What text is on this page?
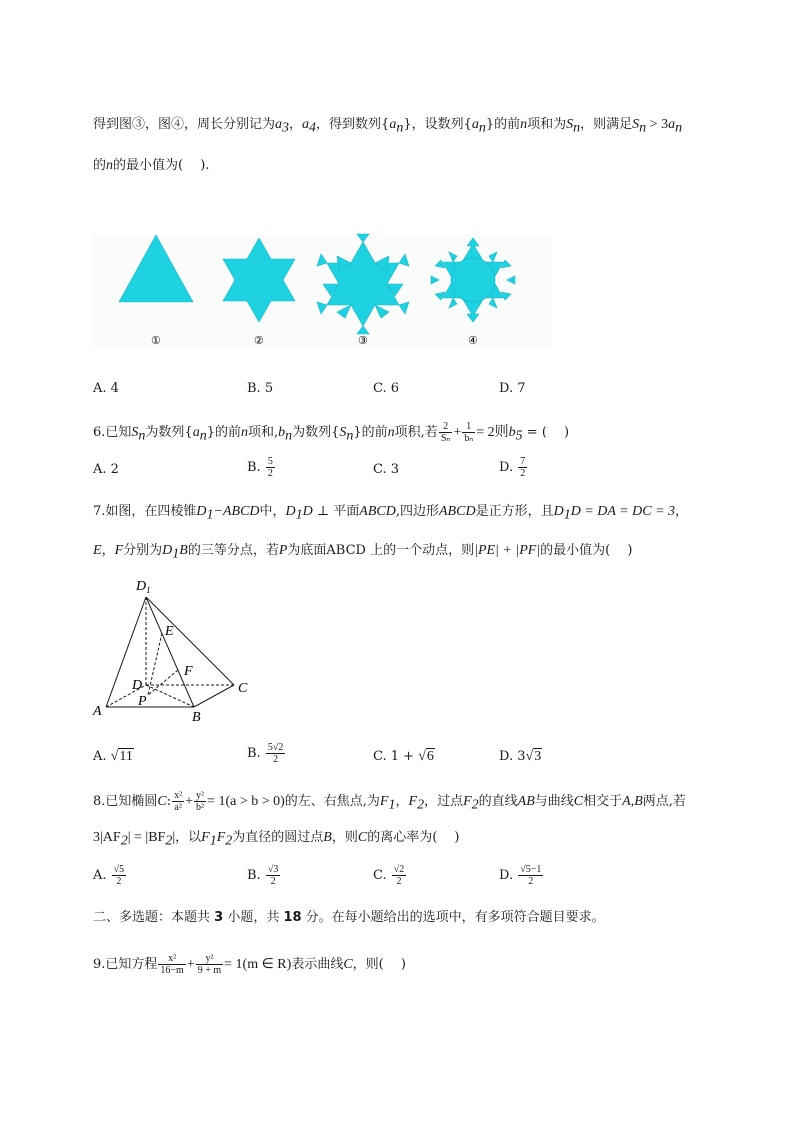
得到图③，图④，周长分别记为$a_3$，$a_4$，得到数列$\{a_n\}$，设数列$\{a_n\}$的前n项和为$S_n$，则满足$S_n > 3a_n$
的n的最小值为(　 ).
①	②	③	④
A. 4	B. 5	C. 6	D. 7
6.已知$S_n$为数列$\{a_n\}$的前n项和$,b_n$为数列$\{S_n\}$的前n项积,若 $\frac{2}{\text{Sₙ}} + \frac{1}{\text{bₙ}} = 2$则$b_5$ = (　 )
A. 2	B. $\frac{5}{2}$	C. 3	D. $\frac{7}{2}$
7.如图，在四棱锥$D_1-ABCD$中，$D_1D$ ⊥ 平面ABCD,四边形ABCD是正方形，且$D_1D$ = DA = DC = 3，
E，F分别为$D_1B$的三等分点，若P为底面ABCD 上的一个动点，则|PE| + |PF|的最小值为(　 )
$D_1$
E
F
D
P
C
A	B
A. √11	B. $\frac{5√2}{2}$	C. 1 + √6	D. 3√3
8.已知椭圆C: $\frac{\text{x²}}{\text{a²}} + \frac{\text{y²}}{\text{b²}} = 1(a > b > 0)$的左、右焦点,为$F_1$，$F_2$，过点$F_2$的直线AB与曲线C相交于A,B两点,若
$3|AF_2| = |BF_2|$，以$F_1F_2$为直径的圆过点B，则C的离心率为(　 )
A. $\frac{√5}{2}$	B. $\frac{√3}{2}$	C. $\frac{√2}{2}$	D. $\frac{√5-1}{2}$
二、多选题：本题共 3 小题，共 18 分。在每小题给出的选项中，有多项符合题目要求。
9.已知方程 $\frac{\text{x²}}{16-m} + \frac{\text{y²}}{9 + m} = 1(m$ ∈ R)表示曲线C，则(　 )
